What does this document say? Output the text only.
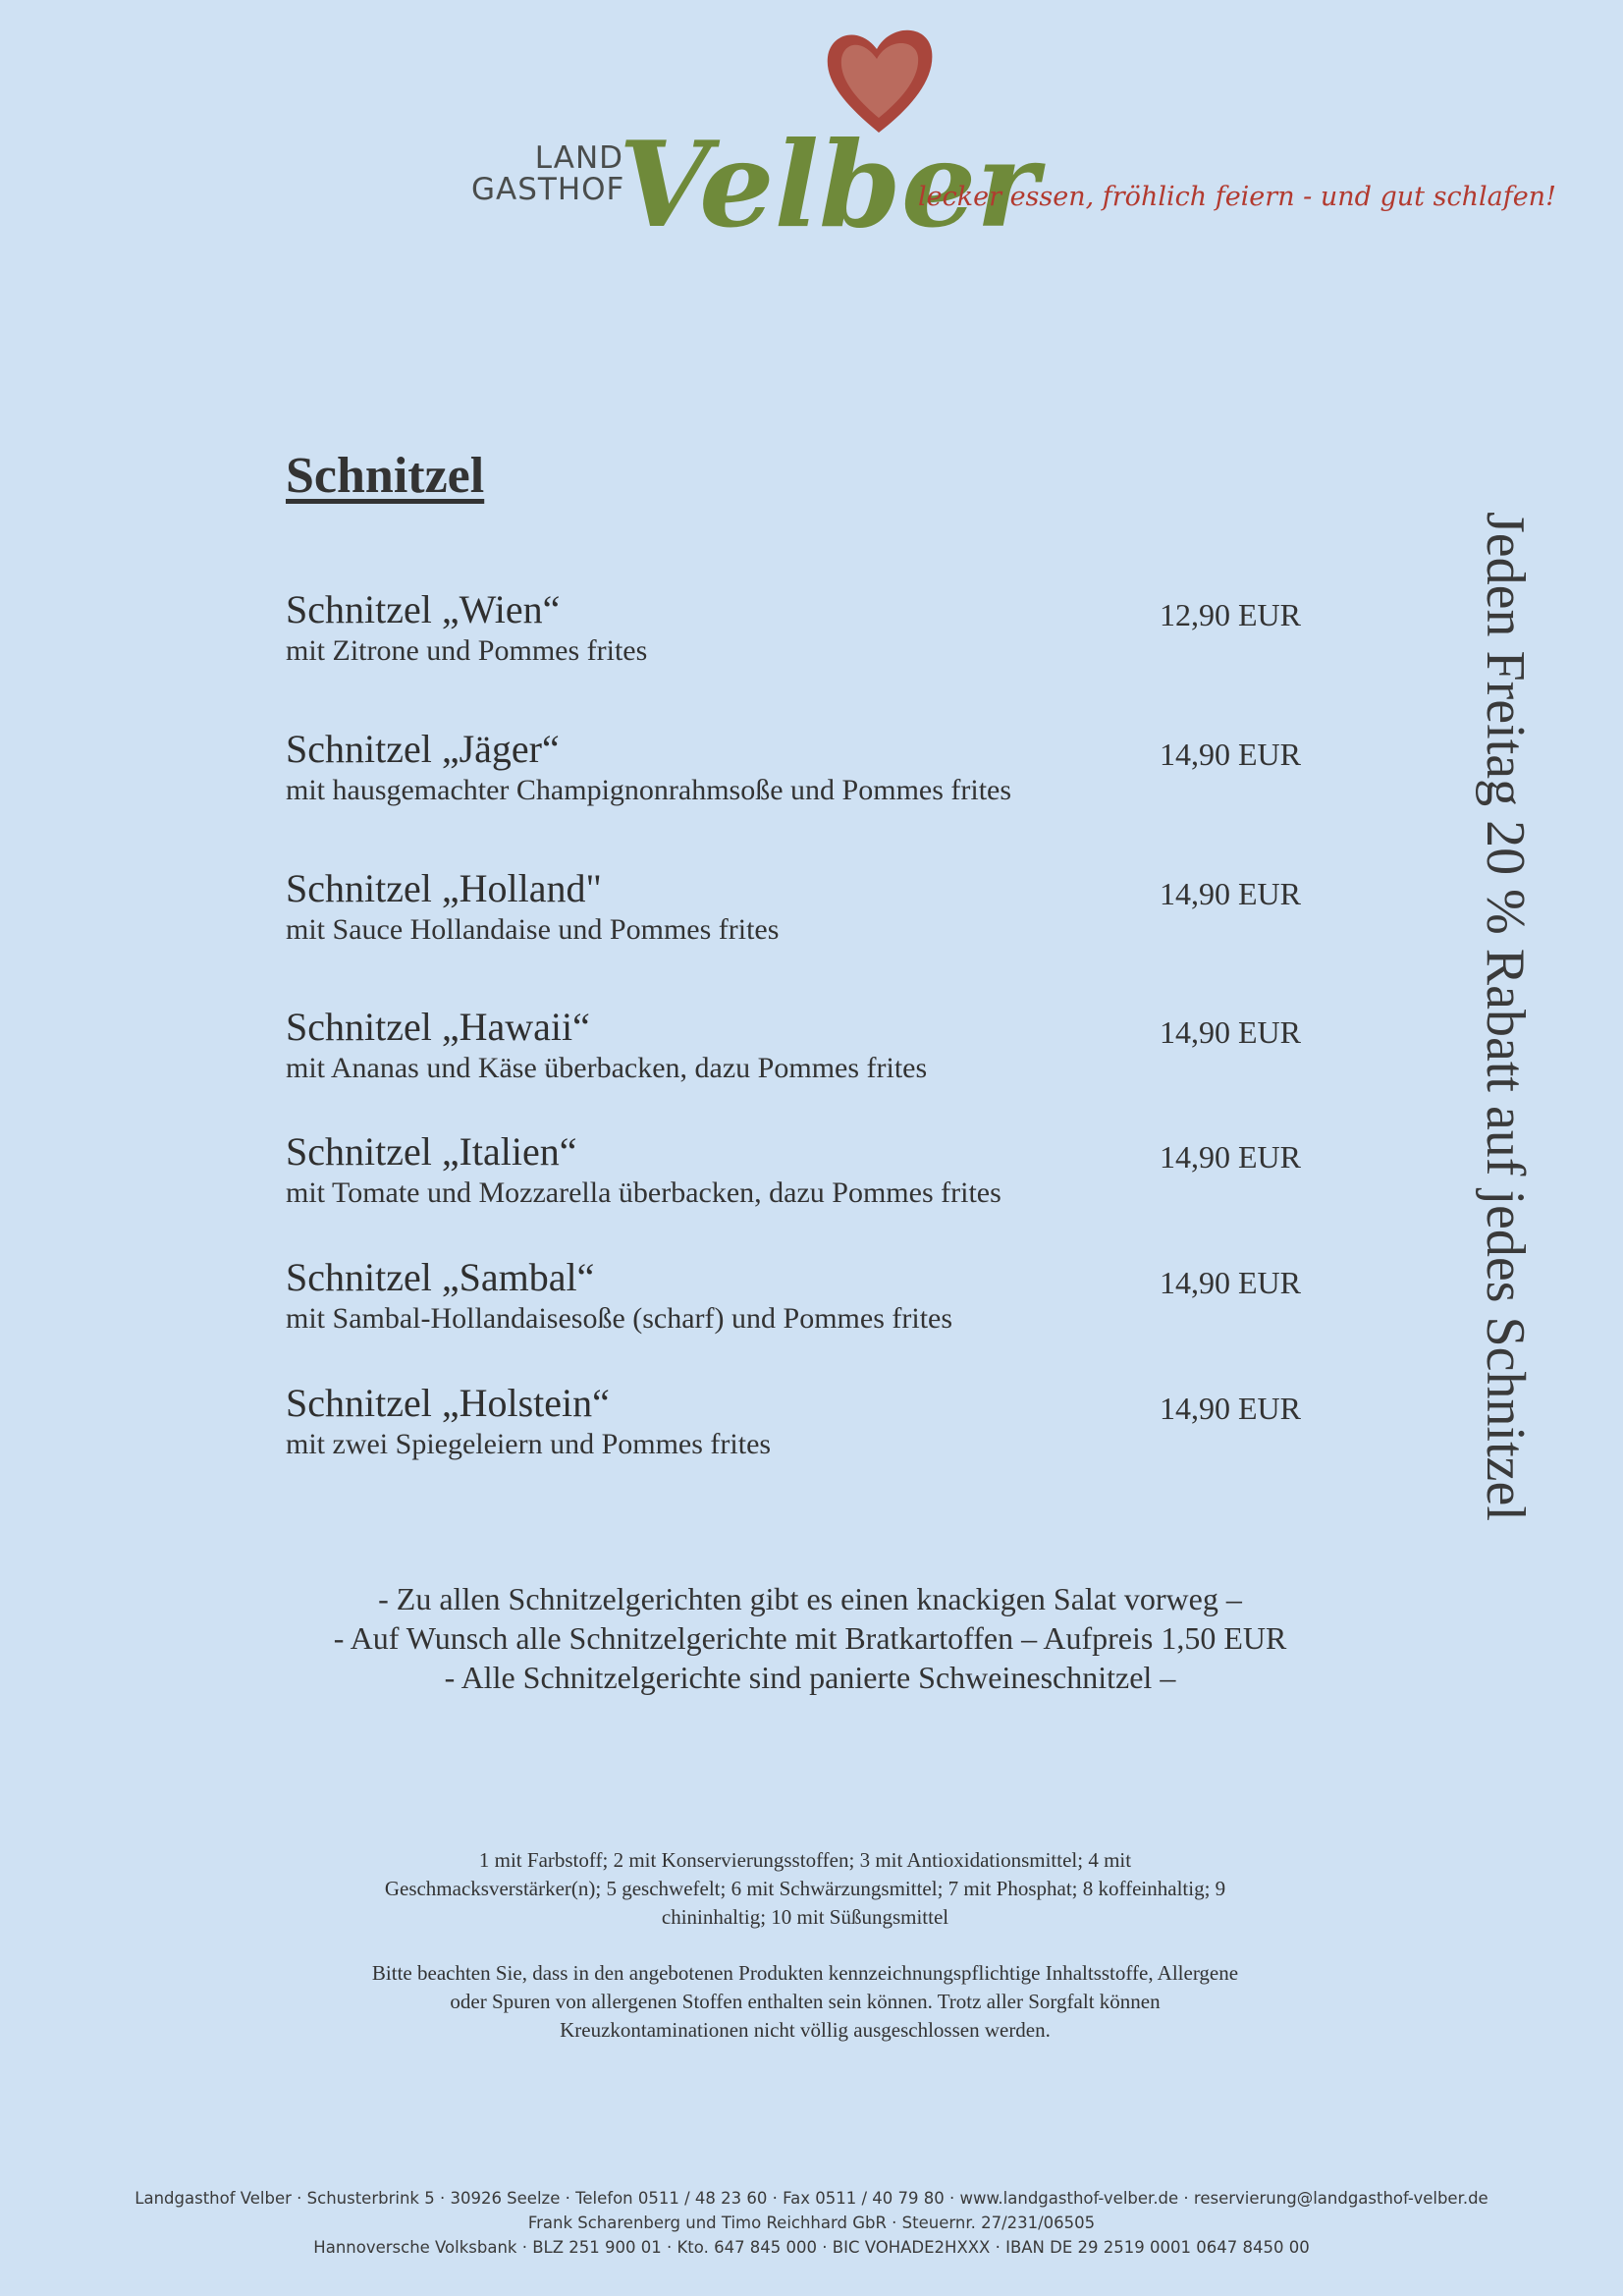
LAND
GASTHOF
Velber
lecker essen, fröhlich feiern - und gut schlafen!
Schnitzel
Schnitzel „Wien“
mit Zitrone und Pommes frites
12,90 EUR
Schnitzel „Jäger“
mit hausgemachter Champignonrahmsoße und Pommes frites
14,90 EUR
Schnitzel „Holland"
mit Sauce Hollandaise und Pommes frites
14,90 EUR
Schnitzel „Hawaii“
mit Ananas und Käse überbacken, dazu Pommes frites
14,90 EUR
Schnitzel „Italien“
mit Tomate und Mozzarella überbacken, dazu Pommes frites
14,90 EUR
Schnitzel „Sambal“
mit Sambal-Hollandaisesoße (scharf) und Pommes frites
14,90 EUR
Schnitzel „Holstein“
mit zwei Spiegeleiern und Pommes frites
14,90 EUR
- Zu allen Schnitzelgerichten gibt es einen knackigen Salat vorweg –
- Auf Wunsch alle Schnitzelgerichte mit Bratkartoffen – Aufpreis 1,50 EUR
- Alle Schnitzelgerichte sind panierte Schweineschnitzel –
1 mit Farbstoff; 2 mit Konservierungsstoffen; 3 mit Antioxidationsmittel; 4 mit
Geschmacksverstärker(n); 5 geschwefelt; 6 mit Schwärzungsmittel; 7 mit Phosphat; 8 koffeinhaltig; 9
chininhaltig; 10 mit Süßungsmittel
Bitte beachten Sie, dass in den angebotenen Produkten kennzeichnungspflichtige Inhaltsstoffe, Allergene
oder Spuren von allergenen Stoffen enthalten sein können. Trotz aller Sorgfalt können
Kreuzkontaminationen nicht völlig ausgeschlossen werden.
Jeden Freitag 20 % Rabatt auf jedes Schnitzel
Landgasthof Velber · Schusterbrink 5 · 30926 Seelze · Telefon 0511 / 48 23 60 · Fax 0511 / 40 79 80 · www.landgasthof-velber.de · reservierung@landgasthof-velber.de
Frank Scharenberg und Timo Reichhard GbR · Steuernr. 27/231/06505
Hannoversche Volksbank · BLZ 251 900 01 · Kto. 647 845 000 · BIC VOHADE2HXXX · IBAN DE 29 2519 0001 0647 8450 00
